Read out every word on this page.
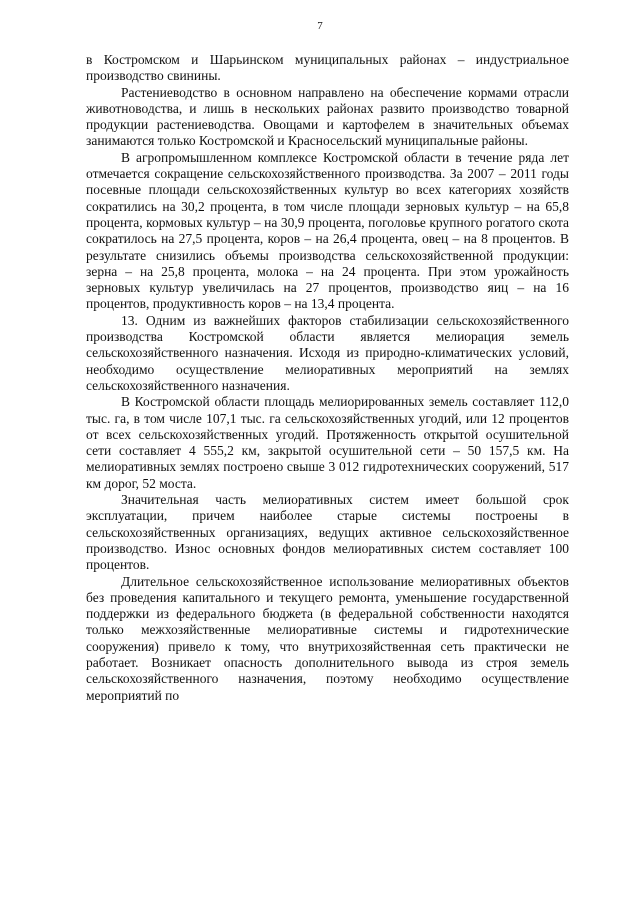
7

в Костромском и Шарьинском муниципальных районах – индустриальное производство свинины.

Растениеводство в основном направлено на обеспечение кормами отрасли животноводства, и лишь в нескольких районах развито производство товарной продукции растениеводства. Овощами и картофелем в значительных объемах занимаются только Костромской и Красносельский муниципальные районы.

В агропромышленном комплексе Костромской области в течение ряда лет отмечается сокращение сельскохозяйственного производства. За 2007 – 2011 годы посевные площади сельскохозяйственных культур во всех категориях хозяйств сократились на 30,2 процента, в том числе площади зерновых культур – на 65,8 процента, кормовых культур – на 30,9 процента, поголовье крупного рогатого скота сократилось на 27,5 процента, коров – на 26,4 процента, овец – на 8 процентов. В результате снизились объемы производства сельскохозяйственной продукции: зерна – на 25,8 процента, молока – на 24 процента. При этом урожайность зерновых культур увеличилась на 27 процентов, производство яиц – на 16 процентов, продуктивность коров – на 13,4 процента.

13. Одним из важнейших факторов стабилизации сельскохозяйственного производства Костромской области является мелиорация земель сельскохозяйственного назначения. Исходя из природно-климатических условий, необходимо осуществление мелиоративных мероприятий на землях сельскохозяйственного назначения.

В Костромской области площадь мелиорированных земель составляет 112,0 тыс. га, в том числе 107,1 тыс. га сельскохозяйственных угодий, или 12 процентов от всех сельскохозяйственных угодий. Протяженность открытой осушительной сети составляет 4 555,2 км, закрытой осушительной сети – 50 157,5 км. На мелиоративных землях построено свыше 3 012 гидротехнических сооружений, 517 км дорог, 52 моста.

Значительная часть мелиоративных систем имеет большой срок эксплуатации, причем наиболее старые системы построены в сельскохозяйственных организациях, ведущих активное сельскохозяйственное производство. Износ основных фондов мелиоративных систем составляет 100 процентов.

Длительное сельскохозяйственное использование мелиоративных объектов без проведения капитального и текущего ремонта, уменьшение государственной поддержки из федерального бюджета (в федеральной собственности находятся только межхозяйственные мелиоративные системы и гидротехнические сооружения) привело к тому, что внутрихозяйственная сеть практически не работает. Возникает опасность дополнительного вывода из строя земель сельскохозяйственного назначения, поэтому необходимо осуществление мероприятий по
